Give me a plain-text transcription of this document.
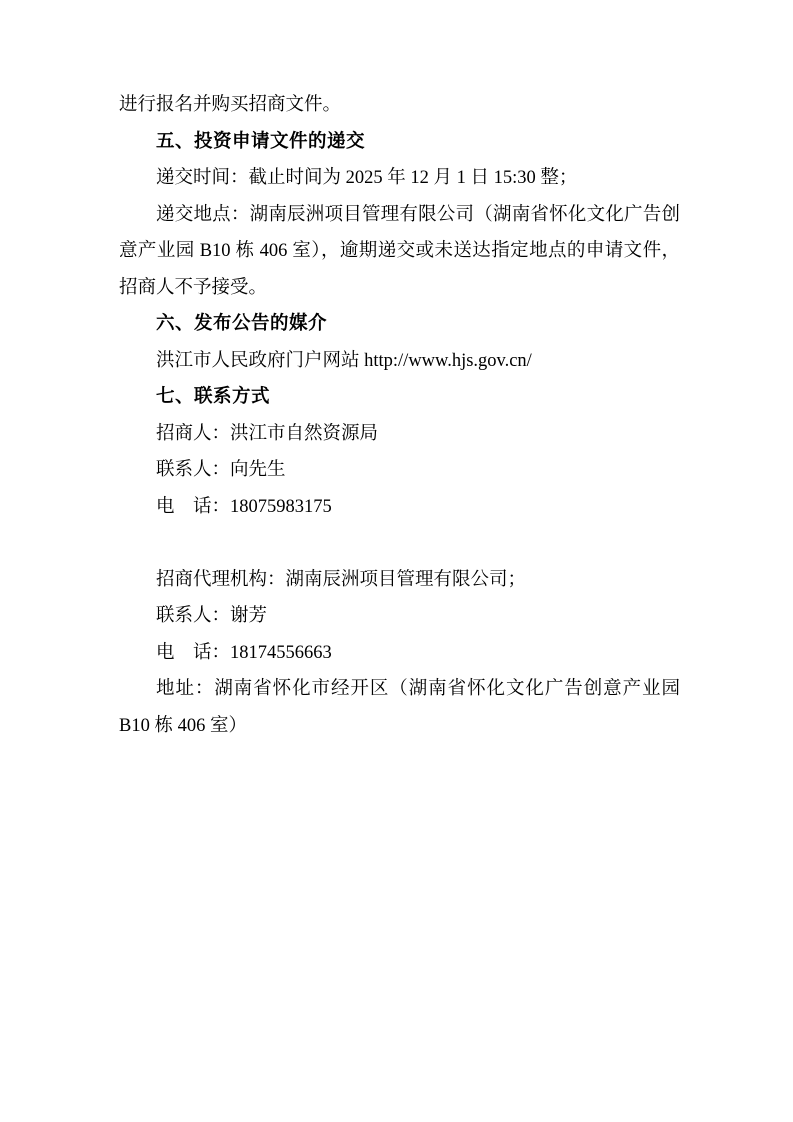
进行报名并购买招商文件。

五、投资申请文件的递交

递交时间：截止时间为 2025 年 12 月 1 日 15:30 整；

递交地点：湖南辰洲项目管理有限公司（湖南省怀化文化广告创意产业园 B10 栋 406 室），逾期递交或未送达指定地点的申请文件，招商人不予接受。

六、发布公告的媒介

洪江市人民政府门户网站 http://www.hjs.gov.cn/

七、联系方式

招商人：洪江市自然资源局

联系人：向先生

电　话：18075983175

招商代理机构：湖南辰洲项目管理有限公司；

联系人：谢芳

电　话：18174556663

地址：湖南省怀化市经开区（湖南省怀化文化广告创意产业园 B10 栋 406 室）
